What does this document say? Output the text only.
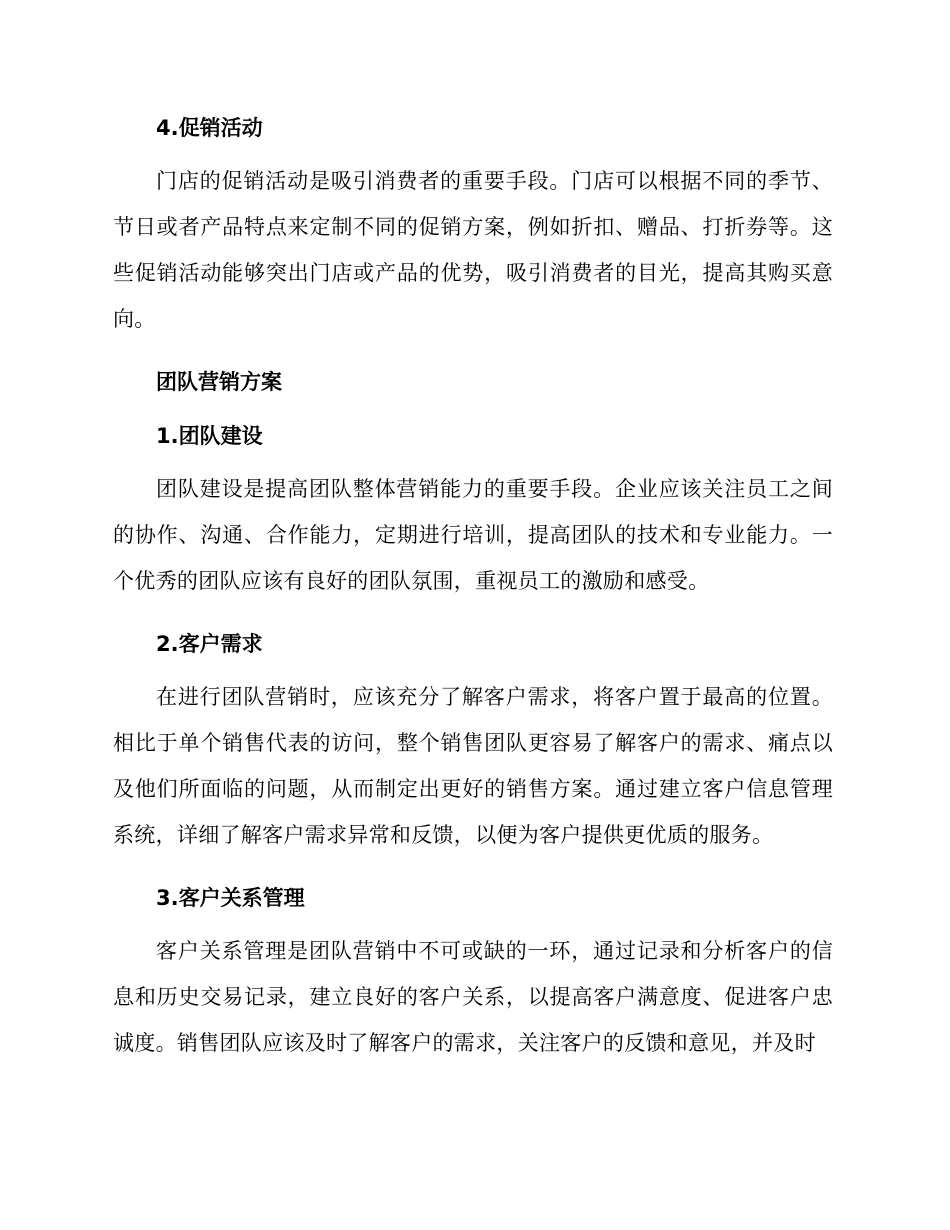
4.促销活动

门店的促销活动是吸引消费者的重要手段。门店可以根据不同的季节、节日或者产品特点来定制不同的促销方案，例如折扣、赠品、打折券等。这些促销活动能够突出门店或产品的优势，吸引消费者的目光，提高其购买意向。

团队营销方案
1.团队建设

团队建设是提高团队整体营销能力的重要手段。企业应该关注员工之间的协作、沟通、合作能力，定期进行培训，提高团队的技术和专业能力。一个优秀的团队应该有良好的团队氛围，重视员工的激励和感受。

2.客户需求

在进行团队营销时，应该充分了解客户需求，将客户置于最高的位置。相比于单个销售代表的访问，整个销售团队更容易了解客户的需求、痛点以及他们所面临的问题，从而制定出更好的销售方案。通过建立客户信息管理系统，详细了解客户需求异常和反馈，以便为客户提供更优质的服务。

3.客户关系管理

客户关系管理是团队营销中不可或缺的一环，通过记录和分析客户的信息和历史交易记录，建立良好的客户关系，以提高客户满意度、促进客户忠诚度。销售团队应该及时了解客户的需求，关注客户的反馈和意见，并及时
